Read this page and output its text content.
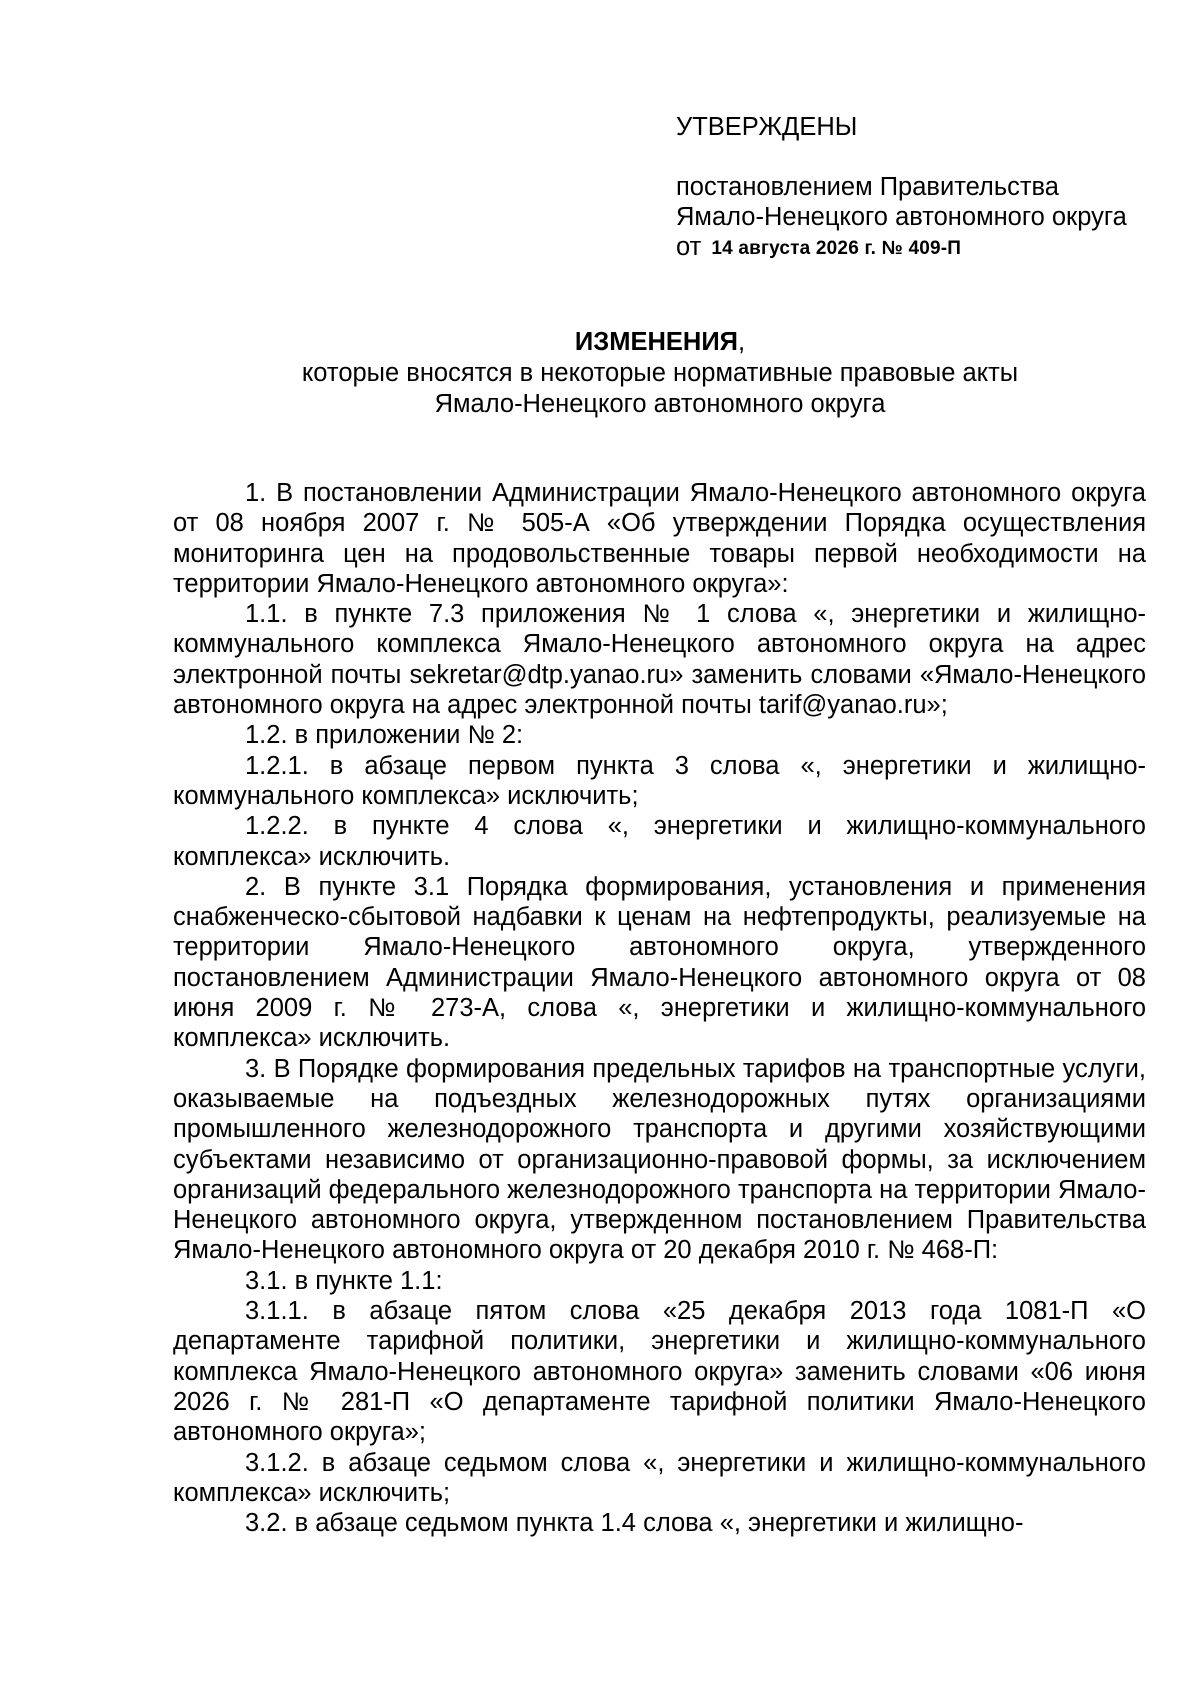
УТВЕРЖДЕНЫ
постановлением Правительства
Ямало-Ненецкого автономного округа
от 14 августа 2026 г. № 409-П
ИЗМЕНЕНИЯ,
которые вносятся в некоторые нормативные правовые акты
Ямало-Ненецкого автономного округа

1. В постановлении Администрации Ямало-Ненецкого автономного округа от 08 ноября 2007 г. № 505-А «Об утверждении Порядка осуществления мониторинга цен на продовольственные товары первой необходимости на территории Ямало-Ненецкого автономного округа»:

1.1. в пункте 7.3 приложения № 1 слова «, энергетики и жилищно-коммунального комплекса Ямало-Ненецкого автономного округа на адрес электронной почты sekretar@dtp.yanao.ru» заменить словами «Ямало-Ненецкого автономного округа на адрес электронной почты tarif@yanao.ru»;

1.2. в приложении № 2:

1.2.1. в абзаце первом пункта 3 слова «, энергетики и жилищно-коммунального комплекса» исключить;

1.2.2. в пункте 4 слова «, энергетики и жилищно-коммунального комплекса» исключить.

2. В пункте 3.1 Порядка формирования, установления и применения снабженческо-сбытовой надбавки к ценам на нефтепродукты, реализуемые на территории Ямало-Ненецкого автономного округа, утвержденного постановлением Администрации Ямало-Ненецкого автономного округа от 08 июня 2009 г. № 273-А, слова «, энергетики и жилищно-коммунального комплекса» исключить.

3. В Порядке формирования предельных тарифов на транспортные услуги, оказываемые на подъездных железнодорожных путях организациями промышленного железнодорожного транспорта и другими хозяйствующими субъектами независимо от организационно-правовой формы, за исключением организаций федерального железнодорожного транспорта на территории Ямало-Ненецкого автономного округа, утвержденном постановлением Правительства Ямало-Ненецкого автономного округа от 20 декабря 2010 г. № 468-П:

3.1. в пункте 1.1:

3.1.1. в абзаце пятом слова «25 декабря 2013 года 1081-П «О департаменте тарифной политики, энергетики и жилищно-коммунального комплекса Ямало-Ненецкого автономного округа» заменить словами «06 июня 2026 г. № 281-П «О департаменте тарифной политики Ямало-Ненецкого автономного округа»;

3.1.2. в абзаце седьмом слова «, энергетики и жилищно-коммунального комплекса» исключить;

3.2. в абзаце седьмом пункта 1.4 слова «, энергетики и жилищно-
